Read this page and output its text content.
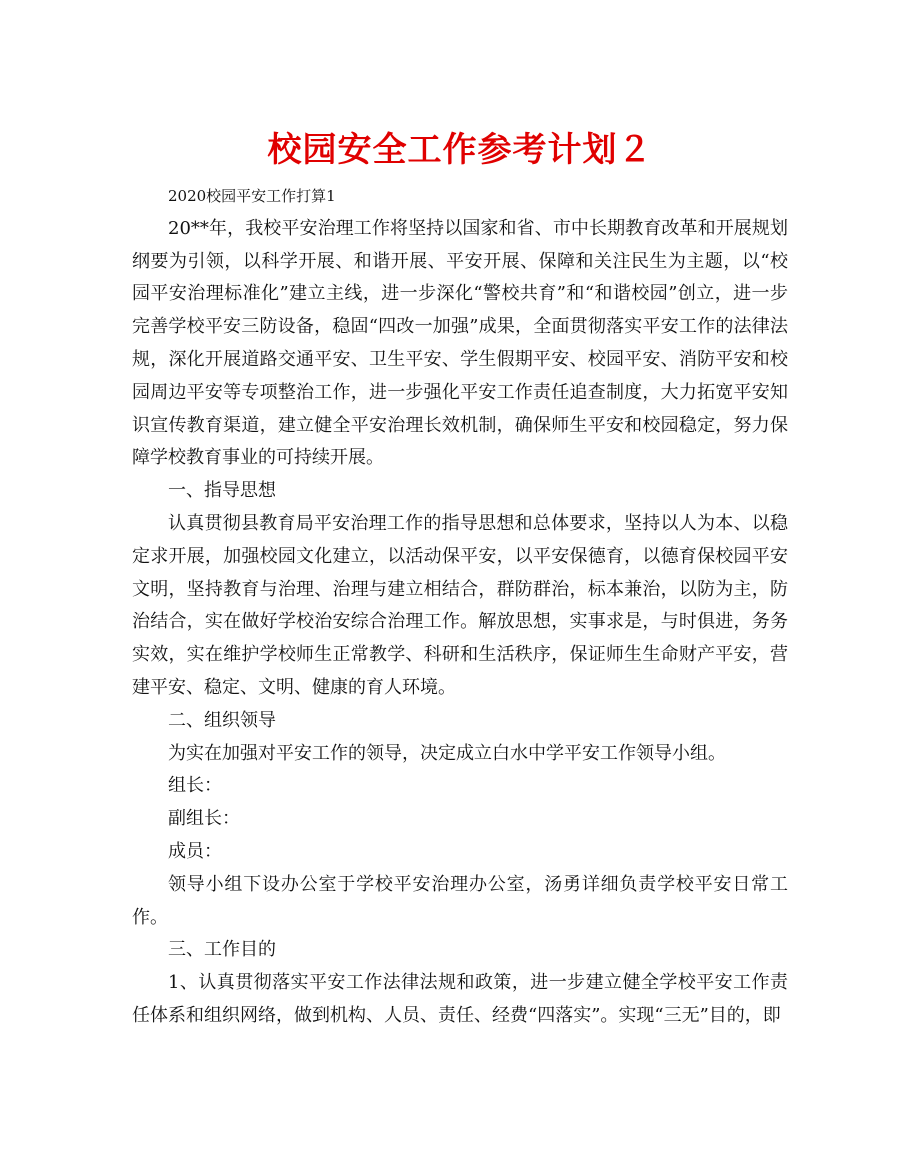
校园安全工作参考计划２

2020校园平安工作打算1

20**年，我校平安治理工作将坚持以国家和省、市中长期教育改革和开展规划纲要为引领，以科学开展、和谐开展、平安开展、保障和关注民生为主题，以“校园平安治理标准化”建立主线，进一步深化“警校共育”和“和谐校园”创立，进一步完善学校平安三防设备，稳固“四改一加强”成果，全面贯彻落实平安工作的法律法规，深化开展道路交通平安、卫生平安、学生假期平安、校园平安、消防平安和校园周边平安等专项整治工作，进一步强化平安工作责任追查制度，大力拓宽平安知识宣传教育渠道，建立健全平安治理长效机制，确保师生平安和校园稳定，努力保障学校教育事业的可持续开展。

一、指导思想

认真贯彻县教育局平安治理工作的指导思想和总体要求，坚持以人为本、以稳定求开展，加强校园文化建立，以活动保平安，以平安保德育，以德育保校园平安文明，坚持教育与治理、治理与建立相结合，群防群治，标本兼治，以防为主，防治结合，实在做好学校治安综合治理工作。解放思想，实事求是，与时俱进，务务实效，实在维护学校师生正常教学、科研和生活秩序，保证师生生命财产平安，营建平安、稳定、文明、健康的育人环境。

二、组织领导

为实在加强对平安工作的领导，决定成立白水中学平安工作领导小组。

组长：

副组长：

成员：

领导小组下设办公室于学校平安治理办公室，汤勇详细负责学校平安日常工作。

三、工作目的

1、认真贯彻落实平安工作法律法规和政策，进一步建立健全学校平安工作责任体系和组织网络，做到机构、人员、责任、经费“四落实”。实现“三无”目的，即
